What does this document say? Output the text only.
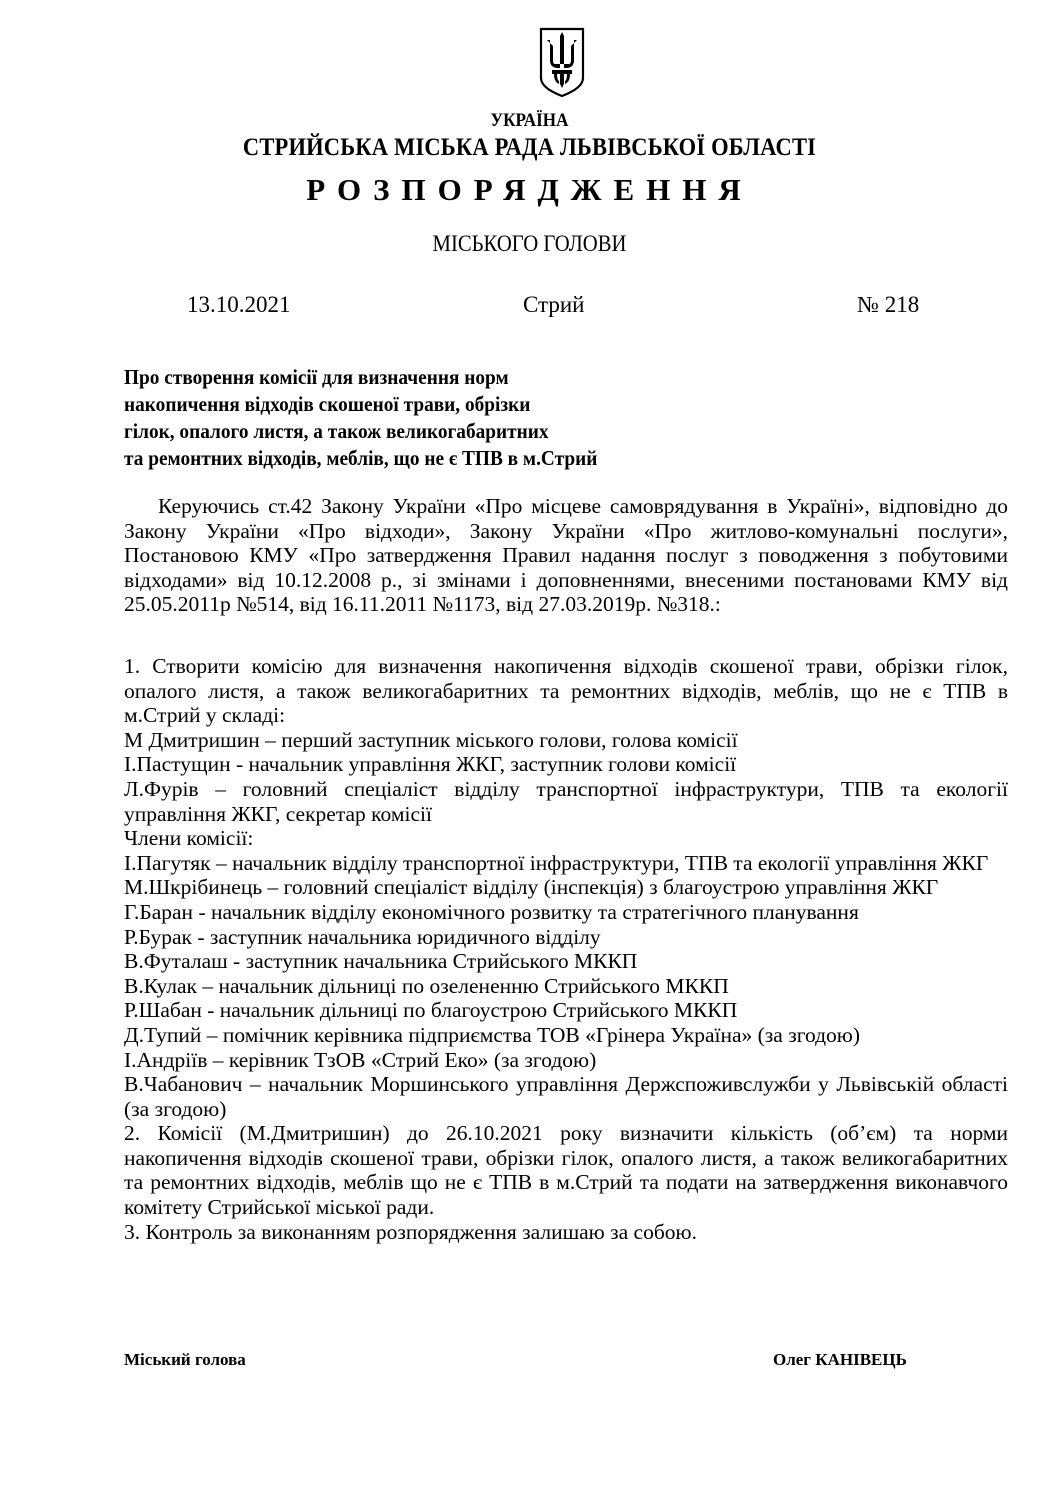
УКРАЇНА
СТРИЙСЬКА МІСЬКА РАДА ЛЬВІВСЬКОЇ ОБЛАСТІ
РОЗПОРЯДЖЕННЯ
МІСЬКОГО ГОЛОВИ
13.10.2021	Стрий	№ 218
Про створення комісії для визначення норм
накопичення відходів скошеної трави, обрізки
гілок, опалого листя, а також великогабаритних
та ремонтних відходів, меблів, що не є ТПВ в м.Стрий
Керуючись ст.42 Закону України «Про місцеве самоврядування в Україні», відповідно до Закону України «Про відходи», Закону України «Про житлово-комунальні послуги», Постановою КМУ «Про затвердження Правил надання послуг з поводження з побутовими відходами» від 10.12.2008 р., зі змінами і доповненнями, внесеними постановами КМУ від 25.05.2011р №514, від 16.11.2011 №1173, від 27.03.2019р. №318.:
1. Створити комісію для визначення накопичення відходів скошеної трави, обрізки гілок, опалого листя, а також великогабаритних та ремонтних відходів, меблів, що не є ТПВ в м.Стрий у складі:
М Дмитришин – перший заступник міського голови, голова комісії
І.Пастущин - начальник управління ЖКГ, заступник голови комісії
Л.Фурів – головний спеціаліст відділу транспортної інфраструктури, ТПВ та екології управління ЖКГ, секретар комісії
Члени комісії:
І.Пагутяк – начальник відділу транспортної інфраструктури, ТПВ та екології управління ЖКГ
М.Шкрібинець – головний спеціаліст відділу (інспекція) з благоустрою управління ЖКГ
Г.Баран - начальник відділу економічного розвитку та стратегічного планування
Р.Бурак - заступник начальника юридичного відділу
В.Футалаш - заступник начальника Стрийського МККП
В.Кулак – начальник дільниці по озелененню Стрийського МККП
Р.Шабан - начальник дільниці по благоустрою Стрийського МККП
Д.Тупий – помічник керівника підприємства ТОВ «Грінера Україна» (за згодою)
І.Андріїв – керівник ТзОВ «Стрий Еко» (за згодою)
В.Чабанович – начальник Моршинського управління Держспоживслужби у Львівській області (за згодою)
2. Комісії (М.Дмитришин) до 26.10.2021 року визначити кількість (об’єм) та норми накопичення відходів скошеної трави, обрізки гілок, опалого листя, а також великогабаритних та ремонтних відходів, меблів що не є ТПВ в м.Стрий та подати на затвердження виконавчого комітету Стрийської міської ради.
3. Контроль за виконанням розпорядження залишаю за собою.
Міський голова	Олег КАНІВЕЦЬ
